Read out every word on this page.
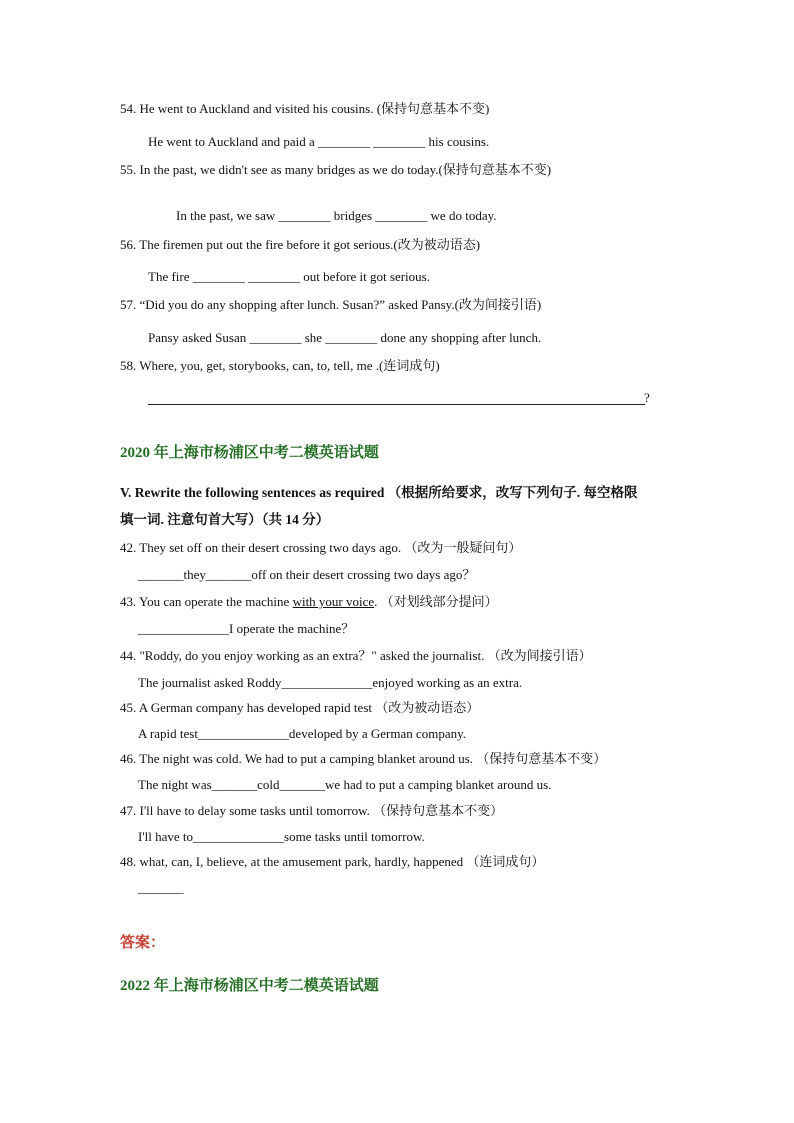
54. He went to Auckland and visited his cousins. (保持句意基本不变)
He went to Auckland and paid a ________ ________ his cousins.
55. In the past, we didn't see as many bridges as we do today.(保持句意基本不变)
In the past, we saw ________ bridges ________ we do today.
56. The firemen put out the fire before it got serious.(改为被动语态)
The fire ________ ________ out before it got serious.
57. “Did you do any shopping after lunch. Susan?” asked Pansy.(改为间接引语)
Pansy asked Susan ________ she ________ done any shopping after lunch.
58. Where, you, get, storybooks, can, to, tell, me .(连词成句)
?
2020 年上海市杨浦区中考二模英语试题
V. Rewrite the following sentences as required （根据所给要求，改写下列句子. 每空格限
填一词. 注意句首大写）（共 14 分）
42. They set off on their desert crossing two days ago. （改为一般疑问句）
_______they_______off on their desert crossing two days ago？
43. You can operate the machine with your voice. （对划线部分提问）
______________I operate the machine？
44. "Roddy, do you enjoy working as an extra？" asked the journalist. （改为间接引语）
The journalist asked Roddy______________enjoyed working as an extra.
45. A German company has developed rapid test （改为被动语态）
A rapid test______________developed by a German company.
46. The night was cold. We had to put a camping blanket around us. （保持句意基本不变）
The night was_______cold_______we had to put a camping blanket around us.
47. I'll have to delay some tasks until tomorrow. （保持句意基本不变）
I'll have to______________some tasks until tomorrow.
48. what, can, I, believe, at the amusement park, hardly, happened （连词成句）
_______
答案：
2022 年上海市杨浦区中考二模英语试题
